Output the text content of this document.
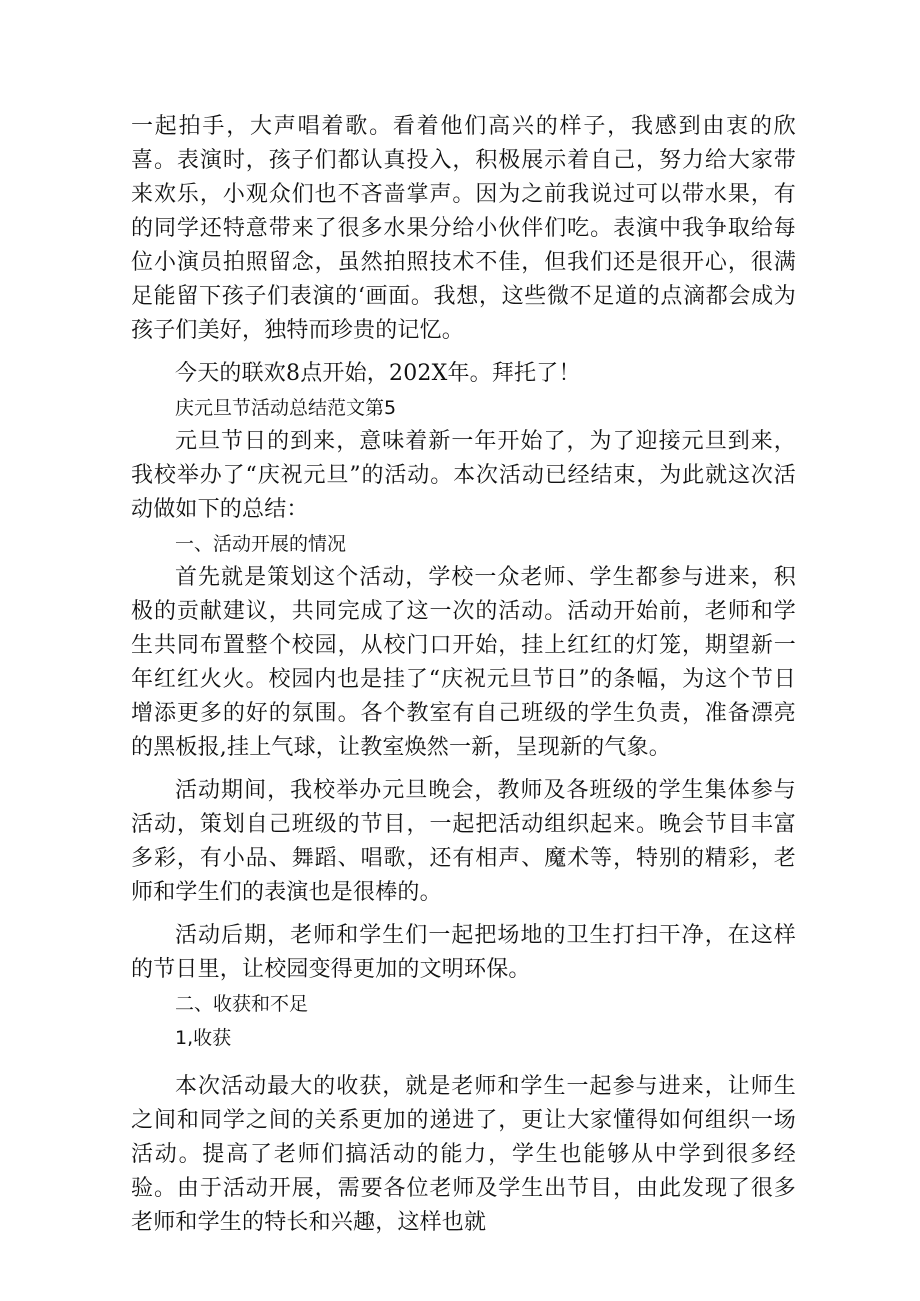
一起拍手，大声唱着歌。看着他们高兴的样子，我感到由衷的欣喜。表演时，孩子们都认真投入，积极展示着自己，努力给大家带来欢乐，小观众们也不吝啬掌声。因为之前我说过可以带水果，有的同学还特意带来了很多水果分给小伙伴们吃。表演中我争取给每位小演员拍照留念，虽然拍照技术不佳，但我们还是很开心，很满足能留下孩子们表演的‘画面。我想，这些微不足道的点滴都会成为孩子们美好，独特而珍贵的记忆。

今天的联欢8点开始，202X年。拜托了！

庆元旦节活动总结范文第5

元旦节日的到来，意味着新一年开始了，为了迎接元旦到来，我校举办了“庆祝元旦”的活动。本次活动已经结束，为此就这次活动做如下的总结：

一、活动开展的情况

首先就是策划这个活动，学校一众老师、学生都参与进来，积极的贡献建议，共同完成了这一次的活动。活动开始前，老师和学生共同布置整个校园，从校门口开始，挂上红红的灯笼，期望新一年红红火火。校园内也是挂了“庆祝元旦节日”的条幅，为这个节日增添更多的好的氛围。各个教室有自己班级的学生负责，准备漂亮的黑板报,挂上气球，让教室焕然一新，呈现新的气象。

活动期间，我校举办元旦晚会，教师及各班级的学生集体参与活动，策划自己班级的节目，一起把活动组织起来。晚会节目丰富多彩，有小品、舞蹈、唱歌，还有相声、魔术等，特别的精彩，老师和学生们的表演也是很棒的。

活动后期，老师和学生们一起把场地的卫生打扫干净，在这样的节日里，让校园变得更加的文明环保。

二、收获和不足

1,收获

本次活动最大的收获，就是老师和学生一起参与进来，让师生之间和同学之间的关系更加的递进了，更让大家懂得如何组织一场活动。提高了老师们搞活动的能力，学生也能够从中学到很多经验。由于活动开展，需要各位老师及学生出节目，由此发现了很多老师和学生的特长和兴趣，这样也就
